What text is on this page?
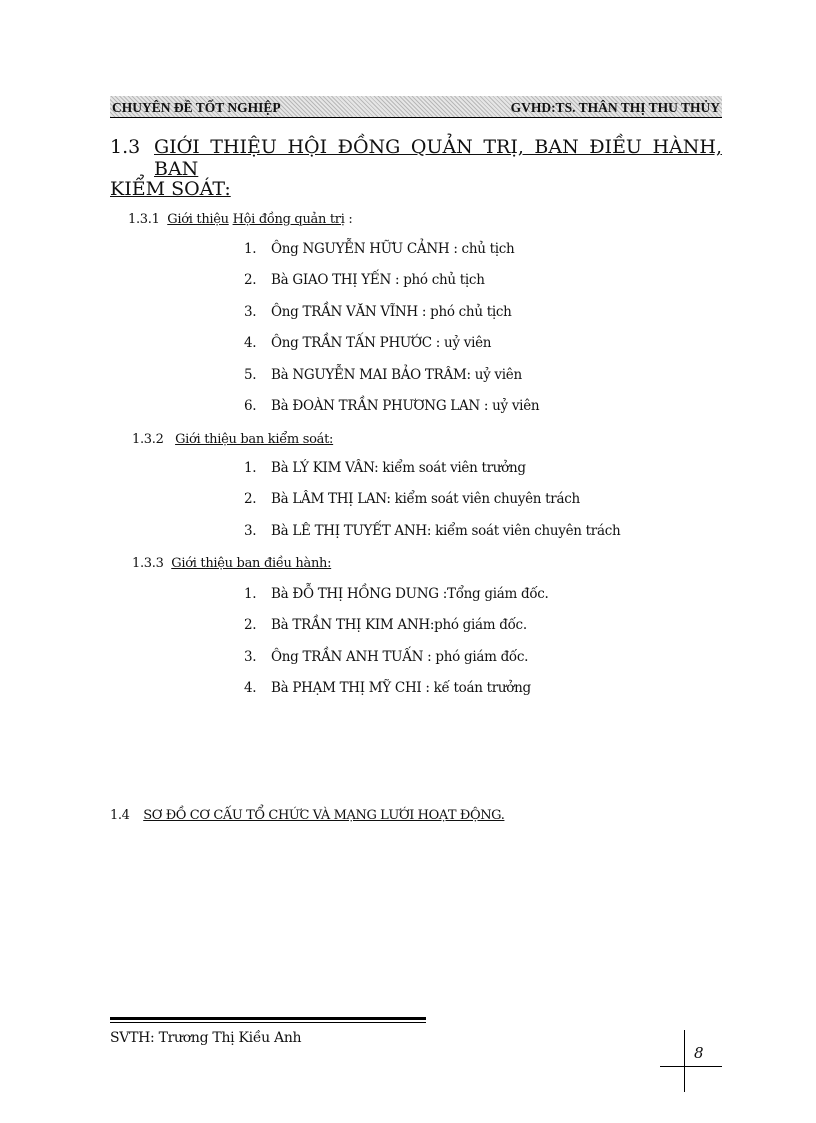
CHUYÊN ĐỀ TỐT NGHIỆP	GVHD:TS. THÂN THỊ THU THỦY
1.3 GIỚI THIỆU HỘI ĐỒNG QUẢN TRỊ, BAN ĐIỀU HÀNH, BAN
KIỂM SOÁT:
1.3.1 Giới thiệu Hội đồng quản trị :
1.	Ông NGUYỄN HỮU CẢNH : chủ tịch
2.	Bà GIAO THỊ YẾN : phó chủ tịch
3.	Ông TRẦN VĂN VĨNH : phó chủ tịch
4.	Ông TRẦN TẤN PHƯỚC : uỷ viên
5.	Bà NGUYỄN MAI BẢO TRÂM: uỷ viên
6.	Bà ĐOÀN TRẦN PHƯƠNG LAN : uỷ viên
1.3.2 Giới thiệu ban kiểm soát:
1.	Bà LÝ KIM VÂN: kiểm soát viên trưởng
2.	Bà LÂM THỊ LAN: kiểm soát viên chuyên trách
3.	Bà LÊ THỊ TUYẾT ANH: kiểm soát viên chuyên trách
1.3.3 Giới thiệu ban điều hành:
1.	Bà ĐỖ THỊ HỒNG DUNG :Tổng giám đốc.
2.	Bà TRẦN THỊ KIM ANH:phó giám đốc.
3.	Ông TRẦN ANH TUẤN : phó giám đốc.
4.	Bà PHẠM THỊ MỸ CHI : kế toán trưởng
1.4 SƠ ĐỒ CƠ CẤU TỔ CHỨC VÀ MẠNG LƯỚI HOẠT ĐỘNG.
SVTH: Trương Thị Kiều Anh
8
